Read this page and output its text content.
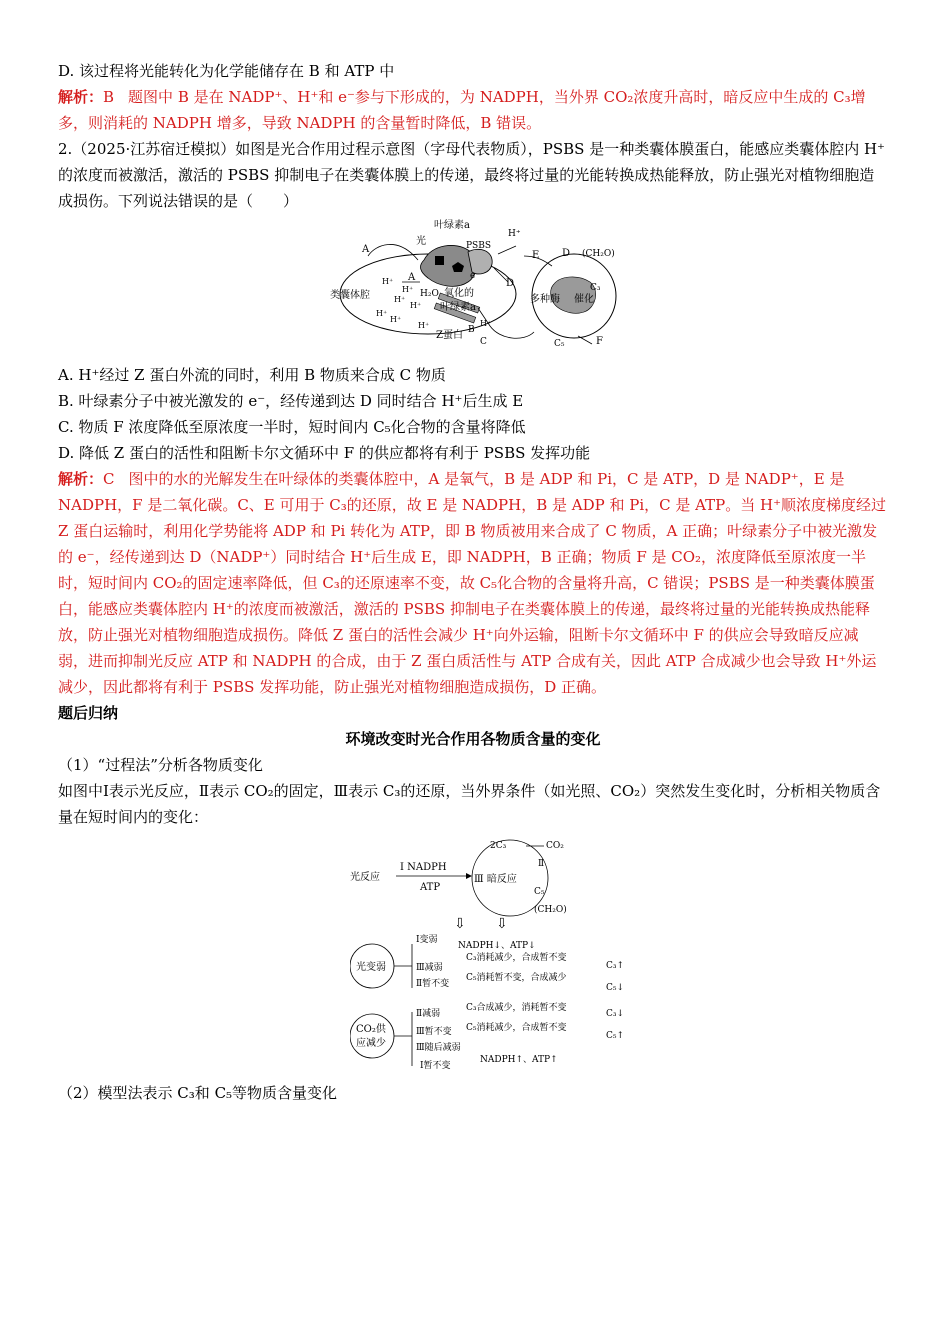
D. 该过程将光能转化为化学能储存在 B 和 ATP 中

解析：B 题图中 B 是在 NADP⁺、H⁺和 e⁻参与下形成的，为 NADPH，当外界 CO₂浓度升高时，暗反应中生成的 C₃增多，则消耗的 NADPH 增多，导致 NADPH 的含量暂时降低，B 错误。

2.（2025·江苏宿迁模拟）如图是光合作用过程示意图（字母代表物质），PSBS 是一种类囊体膜蛋白，能感应类囊体腔内 H⁺的浓度而被激活，激活的 PSBS 抑制电子在类囊体膜上的传递，最终将过量的光能转换成热能释放，防止强光对植物细胞造成损伤。下列说法错误的是（　　）

叶绿素a
光	PSBS
A
A
H⁺
E
D
D (CH₂O)
e⁻
类囊体腔
H⁺
H⁺
H⁺
H⁺
H⁺
H⁺
H⁺
H₂O 氧化的
叶绿素a
Z蛋白 B
H⁺
C
多种酶 催化
C₃
C₅	F

A. H⁺经过 Z 蛋白外流的同时，利用 B 物质来合成 C 物质

B. 叶绿素分子中被光激发的 e⁻，经传递到达 D 同时结合 H⁺后生成 E

C. 物质 F 浓度降低至原浓度一半时，短时间内 C₅化合物的含量将降低

D. 降低 Z 蛋白的活性和阻断卡尔文循环中 F 的供应都将有利于 PSBS 发挥功能

解析：C 图中的水的光解发生在叶绿体的类囊体腔中，A 是氧气，B 是 ADP 和 Pi，C 是 ATP，D 是 NADP⁺，E 是 NADPH，F 是二氧化碳。C、E 可用于 C₃的还原，故 E 是 NADPH，B 是 ADP 和 Pi，C 是 ATP。当 H⁺顺浓度梯度经过 Z 蛋白运输时，利用化学势能将 ADP 和 Pi 转化为 ATP，即 B 物质被用来合成了 C 物质，A 正确；叶绿素分子中被光激发的 e⁻，经传递到达 D（NADP⁺）同时结合 H⁺后生成 E，即 NADPH，B 正确；物质 F 是 CO₂，浓度降低至原浓度一半时，短时间内 CO₂的固定速率降低，但 C₃的还原速率不变，故 C₅化合物的含量将升高，C 错误；PSBS 是一种类囊体膜蛋白，能感应类囊体腔内 H⁺的浓度而被激活，激活的 PSBS 抑制电子在类囊体膜上的传递，最终将过量的光能转换成热能释放，防止强光对植物细胞造成损伤。降低 Z 蛋白的活性会减少 H⁺向外运输，阻断卡尔文循环中 F 的供应会导致暗反应减弱，进而抑制光反应 ATP 和 NADPH 的合成，由于 Z 蛋白质活性与 ATP 合成有关，因此 ATP 合成减少也会导致 H⁺外运减少，因此都将有利于 PSBS 发挥功能，防止强光对植物细胞造成损伤，D 正确。

题后归纳

环境改变时光合作用各物质含量的变化

（1）“过程法”分析各物质变化

如图中Ⅰ表示光反应，Ⅱ表示 CO₂的固定，Ⅲ表示 C₃的还原，当外界条件（如光照、CO₂）突然发生变化时，分析相关物质含量在短时间内的变化：

光反应
Ⅰ NADPH
ATP
Ⅲ 暗反应
2C₃	CO₂
Ⅱ
C₅
(CH₂O)
⇩ ⇩
光变弱
Ⅰ变弱
NADPH↓、ATP↓
Ⅲ减弱
C₃消耗减少，合成暂不变
C₃↑
Ⅱ暂不变
C₅消耗暂不变，合成减少
C₅↓
CO₂供
应减少
Ⅱ减弱
C₃合成减少，消耗暂不变
C₃↓
Ⅲ暂不变 C₅消耗减少，合成暂不变
C₅↑
Ⅲ随后减弱
Ⅰ暂不变
NADPH↑、ATP↑

（2）模型法表示 C₃和 C₅等物质含量变化
